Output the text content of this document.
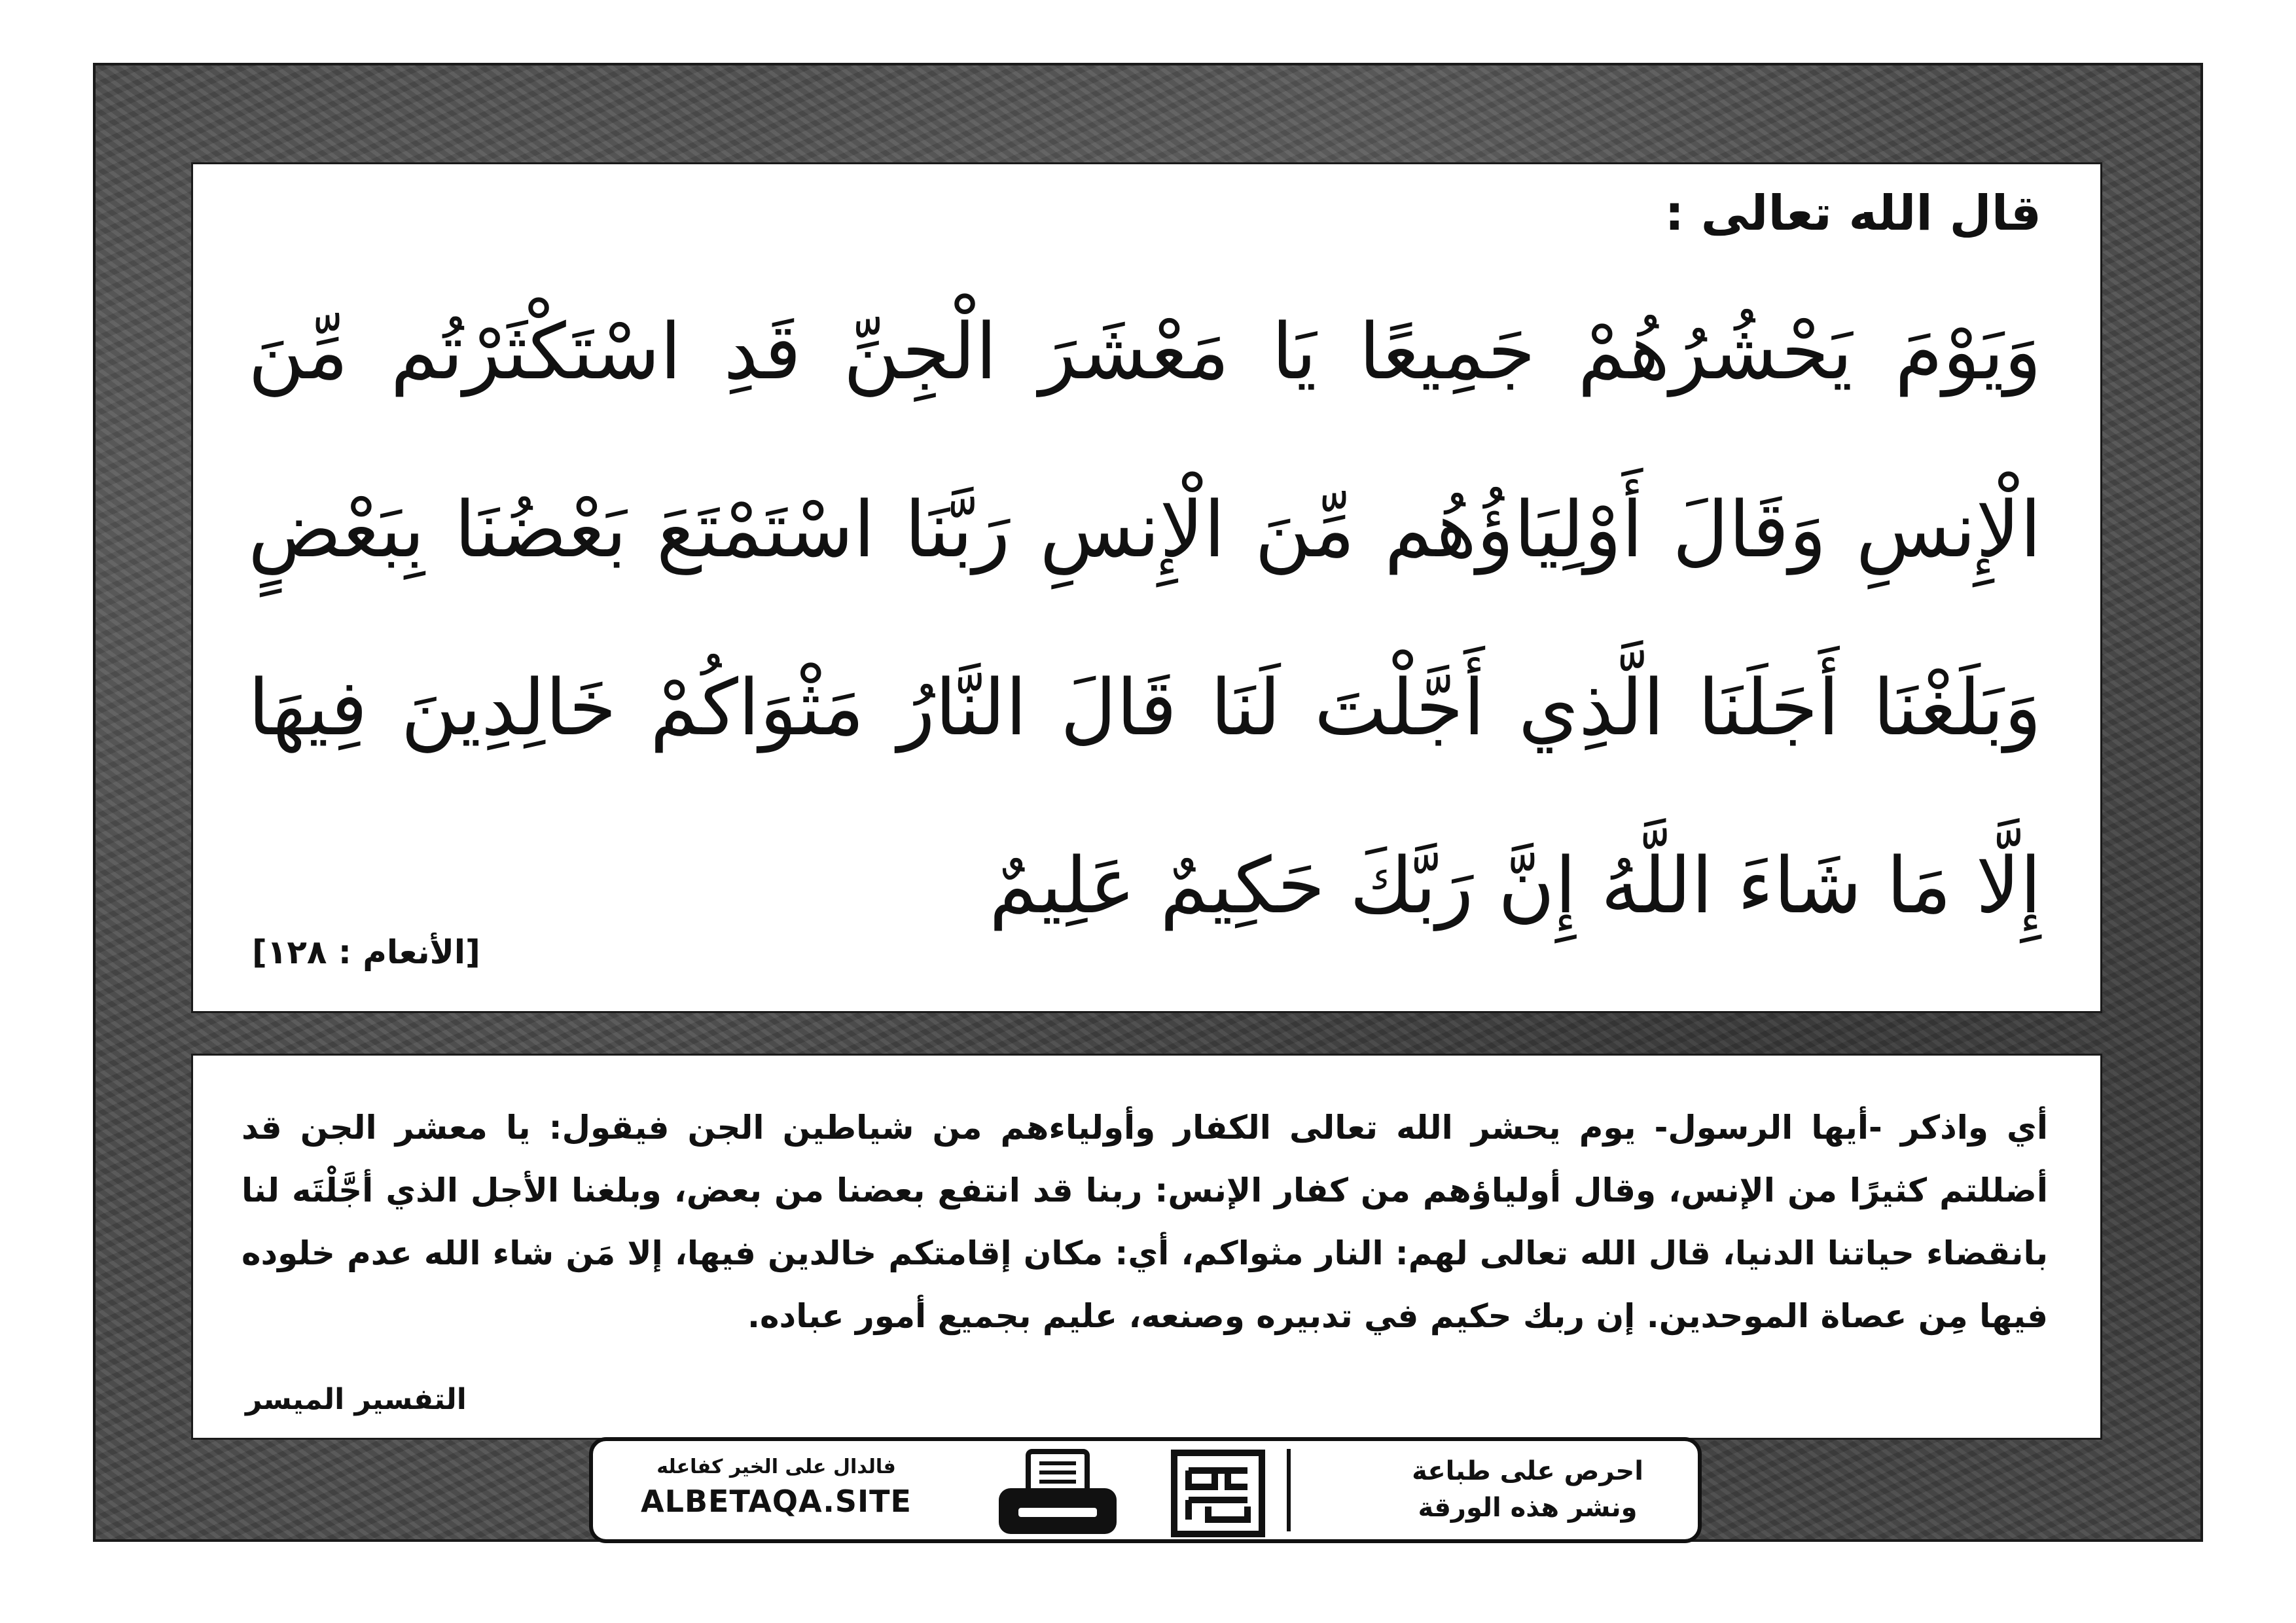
قال الله تعالى :
وَيَوْمَ يَحْشُرُهُمْ جَمِيعًا يَا مَعْشَرَ الْجِنِّ قَدِ اسْتَكْثَرْتُم مِّنَ الْإِنسِ وَقَالَ أَوْلِيَاؤُهُم مِّنَ الْإِنسِ رَبَّنَا اسْتَمْتَعَ بَعْضُنَا بِبَعْضٍ وَبَلَغْنَا أَجَلَنَا الَّذِي أَجَّلْتَ لَنَا قَالَ النَّارُ مَثْوَاكُمْ خَالِدِينَ فِيهَا إِلَّا مَا شَاءَ اللَّهُ إِنَّ رَبَّكَ حَكِيمٌ عَلِيمٌ
[الأنعام : ١٢٨]
أي واذكر -أيها الرسول- يوم يحشر الله تعالى الكفار وأولياءهم من شياطين الجن فيقول: يا معشر الجن قد أضللتم كثيرًا من الإنس، وقال أولياؤهم من كفار الإنس: ربنا قد انتفع بعضنا من بعض، وبلغنا الأجل الذي أجَّلْتَه لنا بانقضاء حياتنا الدنيا، قال الله تعالى لهم: النار مثواكم، أي: مكان إقامتكم خالدين فيها، إلا مَن شاء الله عدم خلوده فيها مِن عصاة الموحدين. إن ربك حكيم في تدبيره وصنعه، عليم بجميع أمور عباده.
التفسير الميسر
احرص على طباعة
ونشر هذه الورقة
فالدال على الخير كفاعله
ALBETAQA.SITE
